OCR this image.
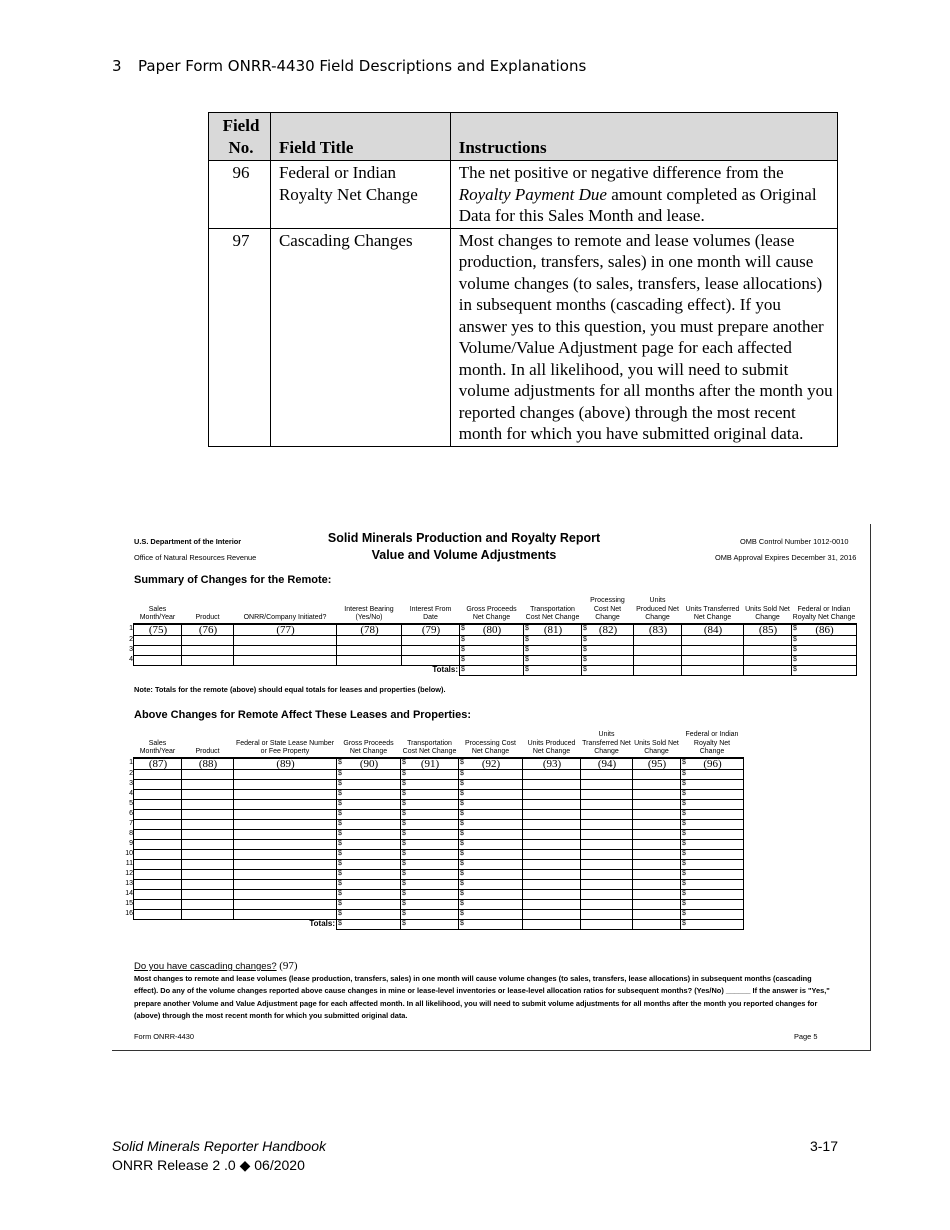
3 Paper Form ONRR-4430 Field Descriptions and Explanations
Field
No.	Field Title	Instructions
96	Federal or Indian Royalty Net Change	The net positive or negative difference from the Royalty Payment Due amount completed as Original Data for this Sales Month and lease.
97	Cascading Changes	Most changes to remote and lease volumes (lease production, transfers, sales) in one month will cause volume changes (to sales, transfers, lease allocations) in subsequent months (cascading effect). If you answer yes to this question, you must prepare another Volume/Value Adjustment page for each affected month. In all likelihood, you will need to submit volume adjustments for all months after the month you reported changes (above) through the most recent month for which you have submitted original data.
U.S. Department of the Interior
Office of Natural Resources Revenue
Solid Minerals Production and Royalty Report
Value and Volume Adjustments
OMB Control Number 1012-0010
OMB Approval Expires December 31, 2016
Summary of Changes for the Remote:
Sales Month/Year	Product	ONRR/Company Initiated?	Interest Bearing (Yes/No)	Interest From Date	Gross Proceeds Net Change	Transportation Cost Net Change	Processing Cost Net Change	Units Produced Net Change	Units Transferred Net Change	Units Sold Net Change	Federal or Indian Royalty Net Change

1 (75)	(76)	(77)	(78)	(79)	$ (80)	$ (81)	$ (82)	(83)	(84)	(85)	$ (86)

2					$	$	$				$

3					$	$	$				$

4					$	$	$				$

				Totals:	$	$	$				$
Note: Totals for the remote (above) should equal totals for leases and properties (below).
Above Changes for Remote Affect These Leases and Properties:
Sales Month/Year	Product	Federal or State Lease Number or Fee Property	Gross Proceeds Net Change	Transportation Cost Net Change	Processing Cost Net Change	Units Produced Net Change	Units Transferred Net Change	Units Sold Net Change	Federal or Indian Royalty Net Change

1 (87)	(88)	(89)	$ (90)	$ (91)	$ (92)	(93)	(94)	(95)	$ (96)

2			$	$	$				$

3			$	$	$				$

4			$	$	$				$

5			$	$	$				$

6			$	$	$				$

7			$	$	$				$

8			$	$	$				$

9			$	$	$				$

10			$	$	$				$

11			$	$	$				$

12			$	$	$				$

13			$	$	$				$

14			$	$	$				$

15			$	$	$				$

16			$	$	$				$

		Totals:	$	$	$				$
Do you have cascading changes? (97)
Most changes to remote and lease volumes (lease production, transfers, sales) in one month will cause volume changes (to sales, transfers, lease allocations) in subsequent months (cascading effect). Do any of the volume changes reported above cause changes in mine or lease-level inventories or lease-level allocation ratios for subsequent months? (Yes/No) ______ If the answer is "Yes," prepare another Volume and Value Adjustment page for each affected month. In all likelihood, you will need to submit volume adjustments for all months after the month you reported changes for (above) through the most recent month for which you submitted original data.
Form ONRR-4430	Page 5
Solid Minerals Reporter Handbook
ONRR Release 2 .0 ◆ 06/2020
3-17
